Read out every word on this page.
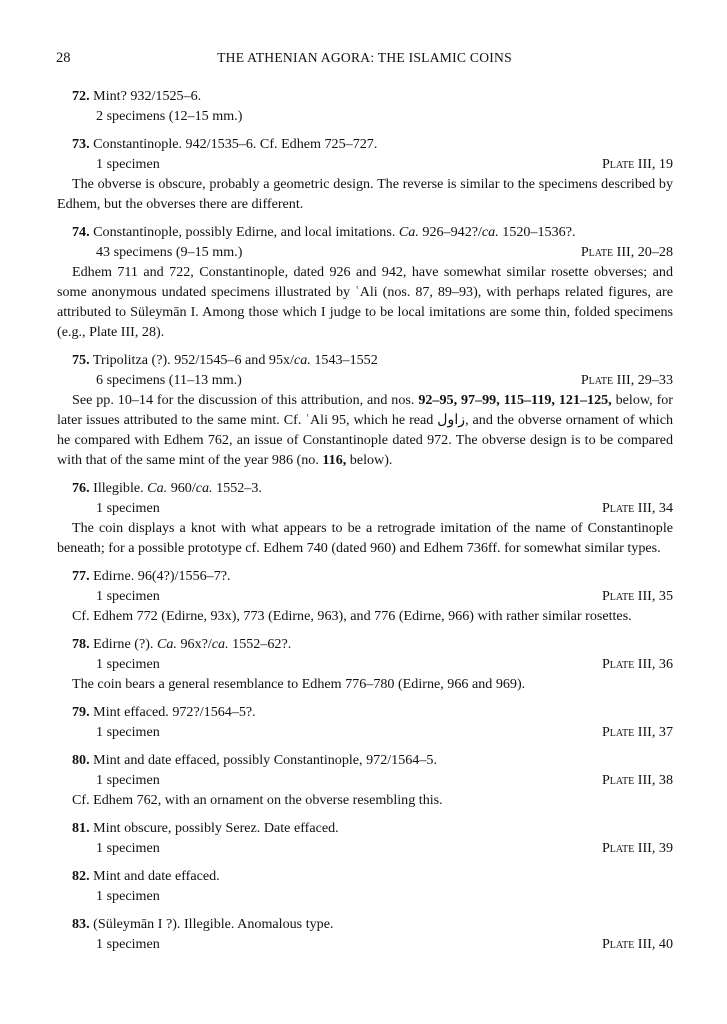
28	THE ATHENIAN AGORA: THE ISLAMIC COINS
72. Mint? 932/1525–6.
2 specimens (12–15 mm.)
73. Constantinople. 942/1535–6. Cf. Edhem 725–727.
1 specimen	Plate III, 19
The obverse is obscure, probably a geometric design. The reverse is similar to the specimens described by Edhem, but the obverses there are different.
74. Constantinople, possibly Edirne, and local imitations. Ca. 926–942?/ca. 1520–1536?.
43 specimens (9–15 mm.)	Plate III, 20–28
Edhem 711 and 722, Constantinople, dated 926 and 942, have somewhat similar rosette obverses; and some anonymous undated specimens illustrated by ʿAli (nos. 87, 89–93), with perhaps related figures, are attributed to Süleymān I. Among those which I judge to be local imitations are some thin, folded specimens (e.g., Plate III, 28).
75. Tripolitza (?). 952/1545–6 and 95x/ca. 1543–1552
6 specimens (11–13 mm.)	Plate III, 29–33
See pp. 10–14 for the discussion of this attribution, and nos. 92–95, 97–99, 115–119, 121–125, below, for later issues attributed to the same mint. Cf. ʿAli 95, which he read زاول, and the obverse ornament of which he compared with Edhem 762, an issue of Constantinople dated 972. The obverse design is to be compared with that of the same mint of the year 986 (no. 116, below).
76. Illegible. Ca. 960/ca. 1552–3.
1 specimen	Plate III, 34
The coin displays a knot with what appears to be a retrograde imitation of the name of Constantinople beneath; for a possible prototype cf. Edhem 740 (dated 960) and Edhem 736ff. for somewhat similar types.
77. Edirne. 96(4?)/1556–7?.
1 specimen	Plate III, 35
Cf. Edhem 772 (Edirne, 93x), 773 (Edirne, 963), and 776 (Edirne, 966) with rather similar rosettes.
78. Edirne (?). Ca. 96x?/ca. 1552–62?.
1 specimen	Plate III, 36
The coin bears a general resemblance to Edhem 776–780 (Edirne, 966 and 969).
79. Mint effaced. 972?/1564–5?.
1 specimen	Plate III, 37
80. Mint and date effaced, possibly Constantinople, 972/1564–5.
1 specimen	Plate III, 38
Cf. Edhem 762, with an ornament on the obverse resembling this.
81. Mint obscure, possibly Serez. Date effaced.
1 specimen	Plate III, 39
82. Mint and date effaced.
1 specimen
83. (Süleymān I ?). Illegible. Anomalous type.
1 specimen	Plate III, 40
